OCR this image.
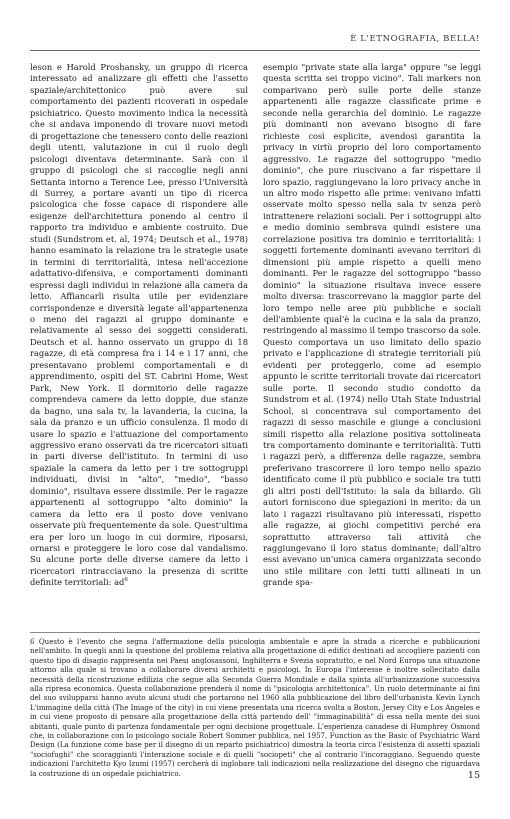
È L'ETNOGRAFIA, BELLA!

leson e Harold Proshansky, un gruppo di ricerca interessato ad analizzare gli effetti che l'assetto spaziale/architettonico può avere sul comportamento dei pazienti ricoverati in ospedale psichiatrico. Questo movimento indica la necessità che si andava imponendo di trovare nuovi metodi di progettazione che tenessero conto delle reazioni degli utenti, valutazione in cui il ruolo degli psicologi diventava determinante. Sarà con il gruppo di psicologi che si raccoglie negli anni Settanta intorno a Terence Lee, presso l'Università di Surrey, a portare avanti un tipo di ricerca psicologica che fosse capace di rispondere alle esigenze dell'architettura ponendo al centro il rapporto tra individuo e ambiente costruito. Due studi (Sundstrom et. al, 1974; Deutsch et al., 1978) hanno esaminato la relazione tra le strategie usate in termini di territorialità, intesa nell'accezione adattativo-difensiva, e comportamenti dominanti espressi dagli individui in relazione alla camera da letto. Affiancarli risulta utile per evidenziare corrispondenze e diversità legate all'appartenenza o meno dei ragazzi al gruppo dominante e relativamente al sesso dei soggetti considerati. Deutsch et al. hanno osservato un gruppo di 18 ragazze, di età compresa fra i 14 e i 17 anni, che presentavano problemi comportamentali e di apprendimento, ospiti del ST. Cabrini Home, West Park, New York. Il dormitorio delle ragazze comprendeva camere da letto doppie, due stanze da bagno, una sala tv, la lavanderia, la cucina, la sala da pranzo e un ufficio consulenza. Il modo di usare lo spazio e l'attuazione del comportamento aggressivo erano osservati da tre ricercatori situati in parti diverse dell'istituto. In termini di uso spaziale la camera da letto per i tre sottogruppi individuati, divisi in "alto", "medio", "basso dominio", risultava essere dissimile. Per le ragazze appartenenti al sottogruppo "alto dominio" la camera da letto era il posto dove venivano osservate più frequentemente da sole. Quest'ultima era per loro un luogo in cui dormire, riposarsi, ornarsi e proteggere le loro cose dal vandalismo. Su alcune porte delle diverse camere da letto i ricercatori rintracciavano la presenza di scritte definite territoriali: $ad^6$

esempio "private state alla larga" oppure "se leggi questa scritta sei troppo vicino". Tali markers non comparivano però sulle porte delle stanze appartenenti alle ragazze classificate prime e seconde nella gerarchia del dominio. Le ragazze più dominanti non avevano bisogno di fare richieste così esplicite, avendosi garantita la privacy in virtù proprio del loro comportamento aggressivo. Le ragazze del sottogruppo "medio dominio", che pure riuscivano a far rispettare il loro spazio, raggiungevano la loro privacy anche in un altro modo rispetto alle prime: venivano infatti osservate molto spesso nella sala tv senza però intrattenere relazioni sociali. Per i sottogruppi alto e medio dominio sembrava quindi esistere una correlazione positiva tra dominio e territorialità: i soggetti fortemente dominanti avevano territori di dimensioni più ampie rispetto a quelli meno dominanti. Per le ragazze del sottogruppo "basso dominio" la situazione risultava invece essere molto diversa: trascorrevano la maggior parte del loro tempo nelle aree più pubbliche e sociali dell'ambiente qual'è la cucina e la sala da pranzo, restringendo al massimo il tempo trascorso da sole. Questo comportava un uso limitato dello spazio privato e l'applicazione di strategie territoriali più evidenti per proteggerlo, come ad esempio appunto le scritte territoriali trovate dai ricercatori sulle porte. Il secondo studio condotto da Sundstrom et al. (1974) nello Utah State Industrial School, si concentrava sul comportamento dei ragazzi di sesso maschile e giunge a conclusioni simili rispetto alla relazione positiva sottolineata tra comportamento dominante e territorialità. Tutti i ragazzi però, a differenza delle ragazze, sembra preferivano trascorrere il loro tempo nello spazio identificato come il più pubblico e sociale tra tutti gli altri posti dell'Istituto: la sala da biliardo. Gli autori forniscono due spiegazioni in merito: da un lato i ragazzi risultavano più interessati, rispetto alle ragazze, ai giochi competitivi perché era soprattutto attraverso tali attività che raggiungevano il loro status dominante; dall'altro essi avevano un'unica camera organizzata secondo uno stile militare con letti tutti allineati in un grande spa-

6 Questo è l'evento che segna l'affermazione della psicologia ambientale e apre la strada a ricerche e pubblicazioni nell'ambito. In quegli anni la questione del problema relativa alla progettazione di edifici destinati ad accogliere pazienti con questo tipo di disagio rappresenta nei Paesi anglosassoni, Inghilterra e Svezia sopratutto, e nel Nord Europa una situazione attorno alla quale si trovano a collaborare diversi architetti e psicologi. In Europa l'interesse è inoltre sollecitato dalla necessità della ricostruzione edilizia che segue alla Seconda Guerra Mondiale e dalla spinta all'urbanizzazione successiva alla ripresa economica. Questa collaborazione prenderà il nome di "psicologia architettonica". Un ruolo determinante ai fini del suo svilupparsi hanno avuto alcuni studi che portarono nel 1960 alla pubblicazione del libro dell'urbanista Kevin Lynch L'immagine della città (The Image of the city) in cui viene presentata una ricerca svolta a Boston, Jersey City e Los Angeles e in cui viene proposto di pensare alla progettazione della città partendo dell' "immaginabilità" di essa nella mente dei suoi abitanti, quale punto di partenza fondamentale per ogni decisione progettuale. L'esperienza canadese di Humphrey Osmond che, in collaborazione con lo psicologo sociale Robert Sommer pubblica, nel 1957, Function as the Basic of Psychiatric Ward Design (La funzione come base per il disegno di un reparto psichiatrico) dimostra la teoria circa l'esistenza di assetti spaziali "sociofughi" che scoraggianti l'interazione sociale e di quelli "sociopeti" che al contrario l'incoraggiano. Seguendo queste indicazioni l'architetto Kyo Izumi (1957) cercherà di inglobare tali indicazioni nella realizzazione del disegno che riguardava la costruzione di un ospedale psichiatrico.	15
